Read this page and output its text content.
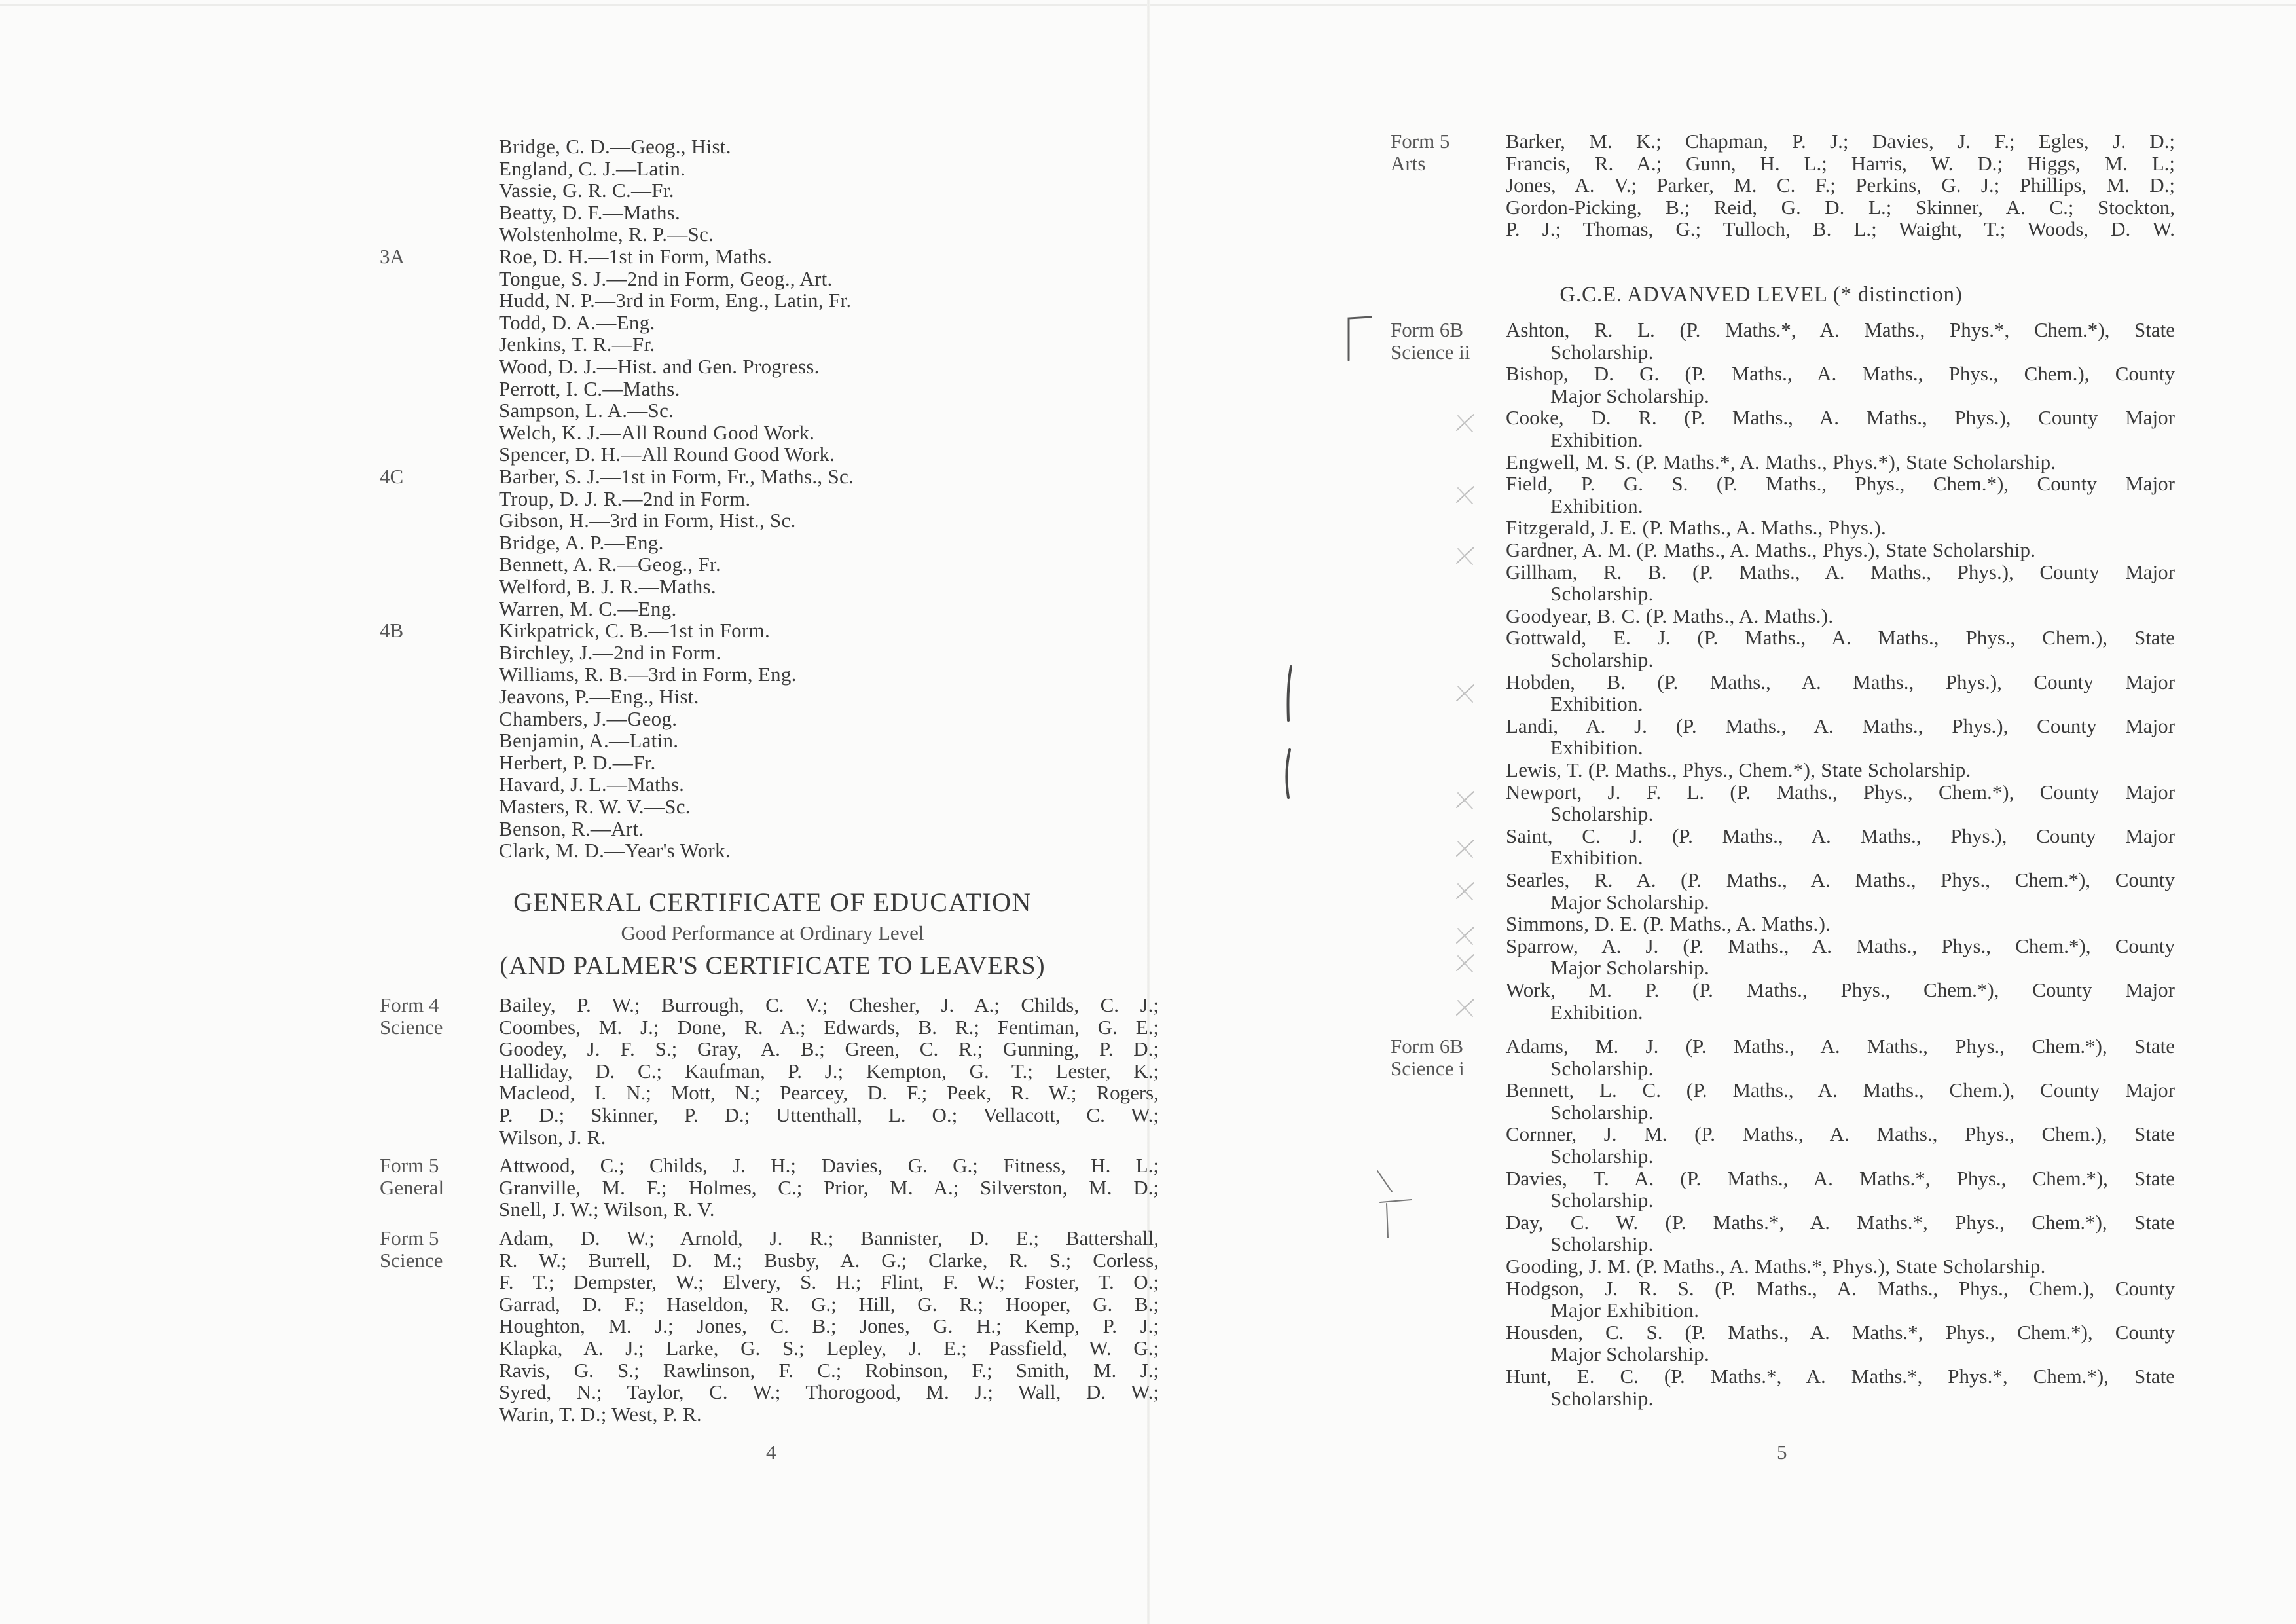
Bridge, C. D.—Geog., Hist.
England, C. J.—Latin.
Vassie, G. R. C.—Fr.
Beatty, D. F.—Maths.
Wolstenholme, R. P.—Sc.
3A	Roe, D. H.—1st in Form, Maths.
Tongue, S. J.—2nd in Form, Geog., Art.
Hudd, N. P.—3rd in Form, Eng., Latin, Fr.
Todd, D. A.—Eng.
Jenkins, T. R.—Fr.
Wood, D. J.—Hist. and Gen. Progress.
Perrott, I. C.—Maths.
Sampson, L. A.—Sc.
Welch, K. J.—All Round Good Work.
Spencer, D. H.—All Round Good Work.
4C	Barber, S. J.—1st in Form, Fr., Maths., Sc.
Troup, D. J. R.—2nd in Form.
Gibson, H.—3rd in Form, Hist., Sc.
Bridge, A. P.—Eng.
Bennett, A. R.—Geog., Fr.
Welford, B. J. R.—Maths.
Warren, M. C.—Eng.
4B	Kirkpatrick, C. B.—1st in Form.
Birchley, J.—2nd in Form.
Williams, R. B.—3rd in Form, Eng.
Jeavons, P.—Eng., Hist.
Chambers, J.—Geog.
Benjamin, A.—Latin.
Herbert, P. D.—Fr.
Havard, J. L.—Maths.
Masters, R. W. V.—Sc.
Benson, R.—Art.
Clark, M. D.—Year's Work.
GENERAL CERTIFICATE OF EDUCATION
Good Performance at Ordinary Level
(AND PALMER'S CERTIFICATE TO LEAVERS)
Form 4
Science
Bailey, P. W.; Burrough, C. V.; Chesher, J. A.; Childs, C. J.;
Coombes, M. J.; Done, R. A.; Edwards, B. R.; Fentiman, G. E.;
Goodey, J. F. S.; Gray, A. B.; Green, C. R.; Gunning, P. D.;
Halliday, D. C.; Kaufman, P. J.; Kempton, G. T.; Lester, K.;
Macleod, I. N.; Mott, N.; Pearcey, D. F.; Peek, R. W.; Rogers,
P. D.; Skinner, P. D.; Uttenthall, L. O.; Vellacott, C. W.;
Wilson, J. R.
Form 5
General
Attwood, C.; Childs, J. H.; Davies, G. G.; Fitness, H. L.;
Granville, M. F.; Holmes, C.; Prior, M. A.; Silverston, M. D.;
Snell, J. W.; Wilson, R. V.
Form 5
Science
Adam, D. W.; Arnold, J. R.; Bannister, D. E.; Battershall,
R. W.; Burrell, D. M.; Busby, A. G.; Clarke, R. S.; Corless,
F. T.; Dempster, W.; Elvery, S. H.; Flint, F. W.; Foster, T. O.;
Garrad, D. F.; Haseldon, R. G.; Hill, G. R.; Hooper, G. B.;
Houghton, M. J.; Jones, C. B.; Jones, G. H.; Kemp, P. J.;
Klapka, A. J.; Larke, G. S.; Lepley, J. E.; Passfield, W. G.;
Ravis, G. S.; Rawlinson, F. C.; Robinson, F.; Smith, M. J.;
Syred, N.; Taylor, C. W.; Thorogood, M. J.; Wall, D. W.;
Warin, T. D.; West, P. R.
4
Form 5
Arts
Barker, M. K.; Chapman, P. J.; Davies, J. F.; Egles, J. D.;
Francis, R. A.; Gunn, H. L.; Harris, W. D.; Higgs, M. L.;
Jones, A. V.; Parker, M. C. F.; Perkins, G. J.; Phillips, M. D.;
Gordon-Picking, B.; Reid, G. D. L.; Skinner, A. C.; Stockton,
P. J.; Thomas, G.; Tulloch, B. L.; Waight, T.; Woods, D. W.
G.C.E. ADVANVED LEVEL (* distinction)
Form 6B
Science ii
Ashton, R. L. (P. Maths.*, A. Maths., Phys.*, Chem.*), State
Scholarship.
Bishop, D. G. (P. Maths., A. Maths., Phys., Chem.), County
Major Scholarship.
Cooke, D. R. (P. Maths., A. Maths., Phys.), County Major
Exhibition.
Engwell, M. S. (P. Maths.*, A. Maths., Phys.*), State Scholarship.
Field, P. G. S. (P. Maths., Phys., Chem.*), County Major
Exhibition.
Fitzgerald, J. E. (P. Maths., A. Maths., Phys.).
Gardner, A. M. (P. Maths., A. Maths., Phys.), State Scholarship.
Gillham, R. B. (P. Maths., A. Maths., Phys.), County Major
Scholarship.
Goodyear, B. C. (P. Maths., A. Maths.).
Gottwald, E. J. (P. Maths., A. Maths., Phys., Chem.), State
Scholarship.
Hobden, B. (P. Maths., A. Maths., Phys.), County Major
Exhibition.
Landi, A. J. (P. Maths., A. Maths., Phys.), County Major
Exhibition.
Lewis, T. (P. Maths., Phys., Chem.*), State Scholarship.
Newport, J. F. L. (P. Maths., Phys., Chem.*), County Major
Scholarship.
Saint, C. J. (P. Maths., A. Maths., Phys.), County Major
Exhibition.
Searles, R. A. (P. Maths., A. Maths., Phys., Chem.*), County
Major Scholarship.
Simmons, D. E. (P. Maths., A. Maths.).
Sparrow, A. J. (P. Maths., A. Maths., Phys., Chem.*), County
Major Scholarship.
Work, M. P. (P. Maths., Phys., Chem.*), County Major
Exhibition.
Form 6B
Science i
Adams, M. J. (P. Maths., A. Maths., Phys., Chem.*), State
Scholarship.
Bennett, L. C. (P. Maths., A. Maths., Chem.), County Major
Scholarship.
Cornner, J. M. (P. Maths., A. Maths., Phys., Chem.), State
Scholarship.
Davies, T. A. (P. Maths., A. Maths.*, Phys., Chem.*), State
Scholarship.
Day, C. W. (P. Maths.*, A. Maths.*, Phys., Chem.*), State
Scholarship.
Gooding, J. M. (P. Maths., A. Maths.*, Phys.), State Scholarship.
Hodgson, J. R. S. (P. Maths., A. Maths., Phys., Chem.), County
Major Exhibition.
Housden, C. S. (P. Maths., A. Maths.*, Phys., Chem.*), County
Major Scholarship.
Hunt, E. C. (P. Maths.*, A. Maths.*, Phys.*, Chem.*), State
Scholarship.
5
